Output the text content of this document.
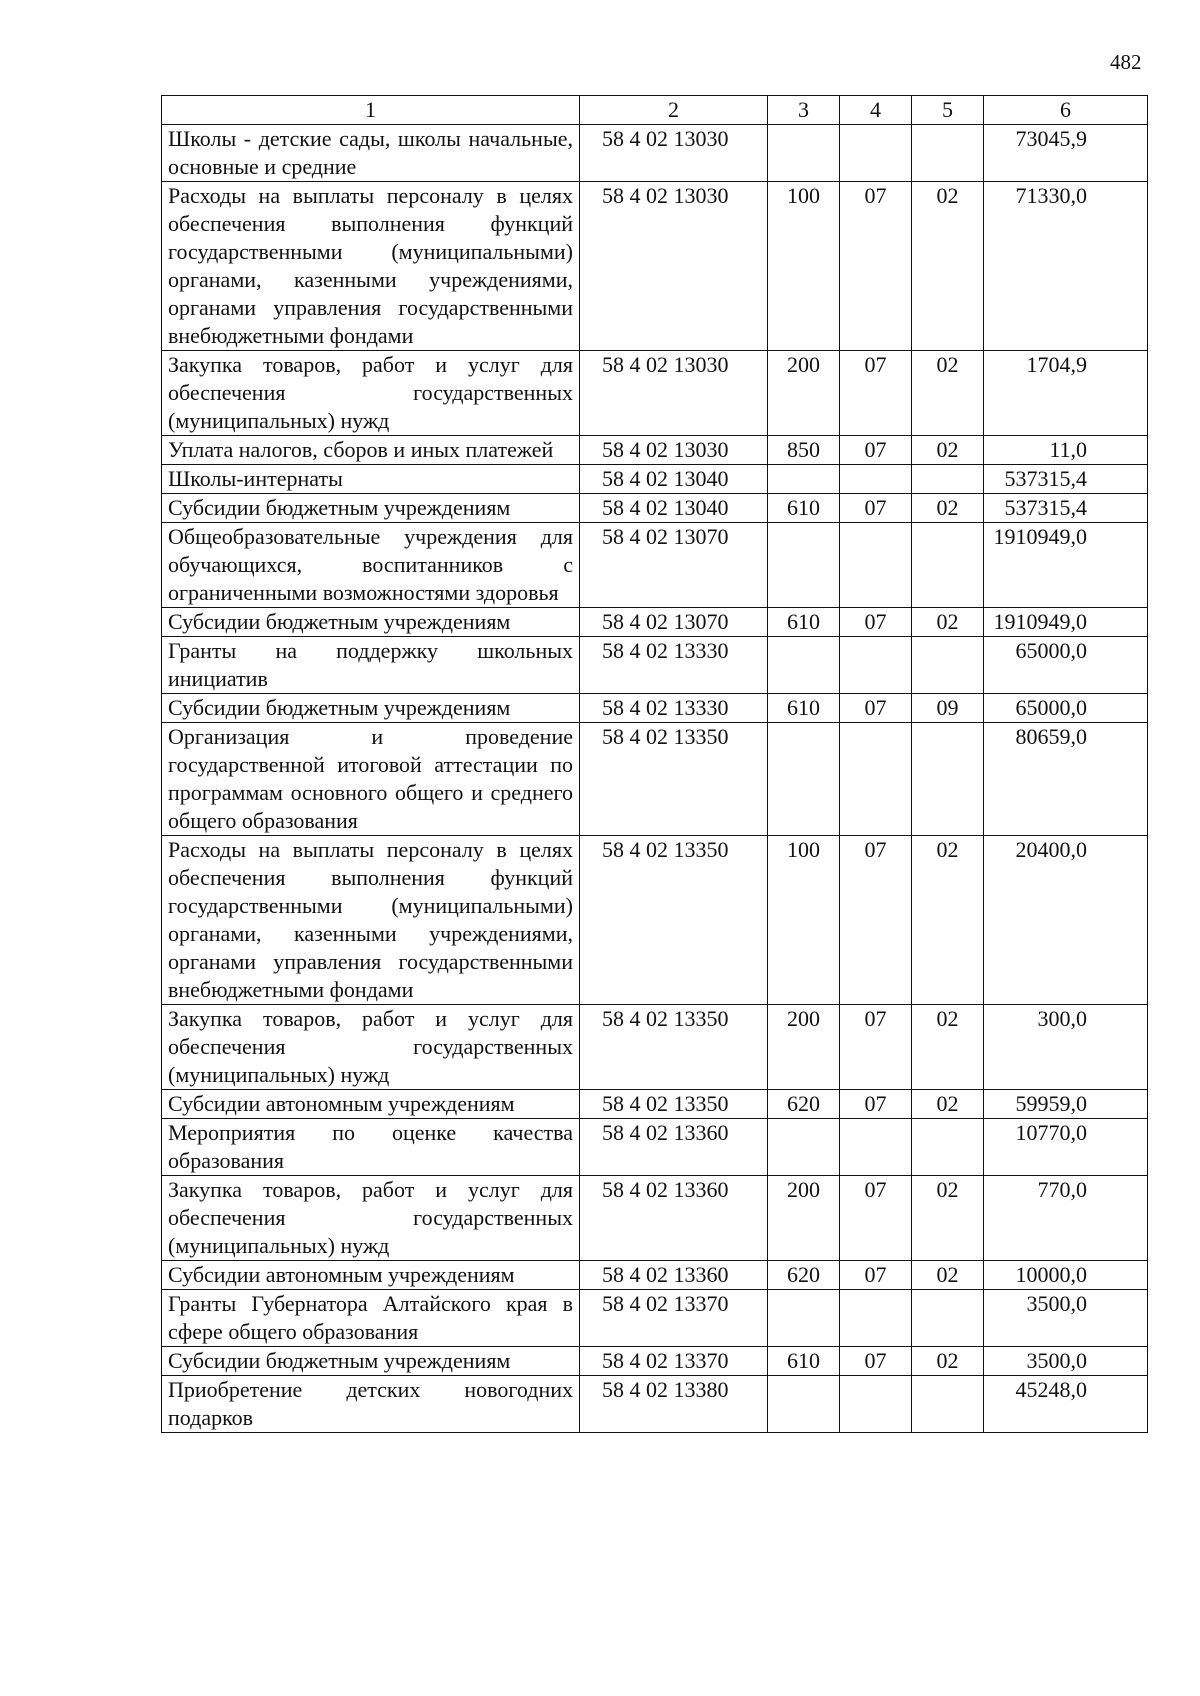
482
1	2	3	4	5	6
Школы - детские сады, школы начальные, основные и средние	58 4 02 13030				73045,9
Расходы на выплаты персоналу в целях обеспечения выполнения функций государственными (муниципальными) органами, казенными учреждениями, органами управления государственными внебюджетными фондами	58 4 02 13030	100	07	02	71330,0
Закупка товаров, работ и услуг для обеспечения государственных (муниципальных) нужд	58 4 02 13030	200	07	02	1704,9
Уплата налогов, сборов и иных платежей	58 4 02 13030	850	07	02	11,0
Школы-интернаты	58 4 02 13040				537315,4
Субсидии бюджетным учреждениям	58 4 02 13040	610	07	02	537315,4
Общеобразовательные учреждения для обучающихся, воспитанников с ограниченными возможностями здоровья	58 4 02 13070				1910949,0
Субсидии бюджетным учреждениям	58 4 02 13070	610	07	02	1910949,0
Гранты на поддержку школьных инициатив	58 4 02 13330				65000,0
Субсидии бюджетным учреждениям	58 4 02 13330	610	07	09	65000,0
Организация и проведение государственной итоговой аттестации по программам основного общего и среднего общего образования	58 4 02 13350				80659,0
Расходы на выплаты персоналу в целях обеспечения выполнения функций государственными (муниципальными) органами, казенными учреждениями, органами управления государственными внебюджетными фондами	58 4 02 13350	100	07	02	20400,0
Закупка товаров, работ и услуг для обеспечения государственных (муниципальных) нужд	58 4 02 13350	200	07	02	300,0
Субсидии автономным учреждениям	58 4 02 13350	620	07	02	59959,0
Мероприятия по оценке качества образования	58 4 02 13360				10770,0
Закупка товаров, работ и услуг для обеспечения государственных (муниципальных) нужд	58 4 02 13360	200	07	02	770,0
Субсидии автономным учреждениям	58 4 02 13360	620	07	02	10000,0
Гранты Губернатора Алтайского края в сфере общего образования	58 4 02 13370				3500,0
Субсидии бюджетным учреждениям	58 4 02 13370	610	07	02	3500,0
Приобретение детских новогодних подарков	58 4 02 13380				45248,0
